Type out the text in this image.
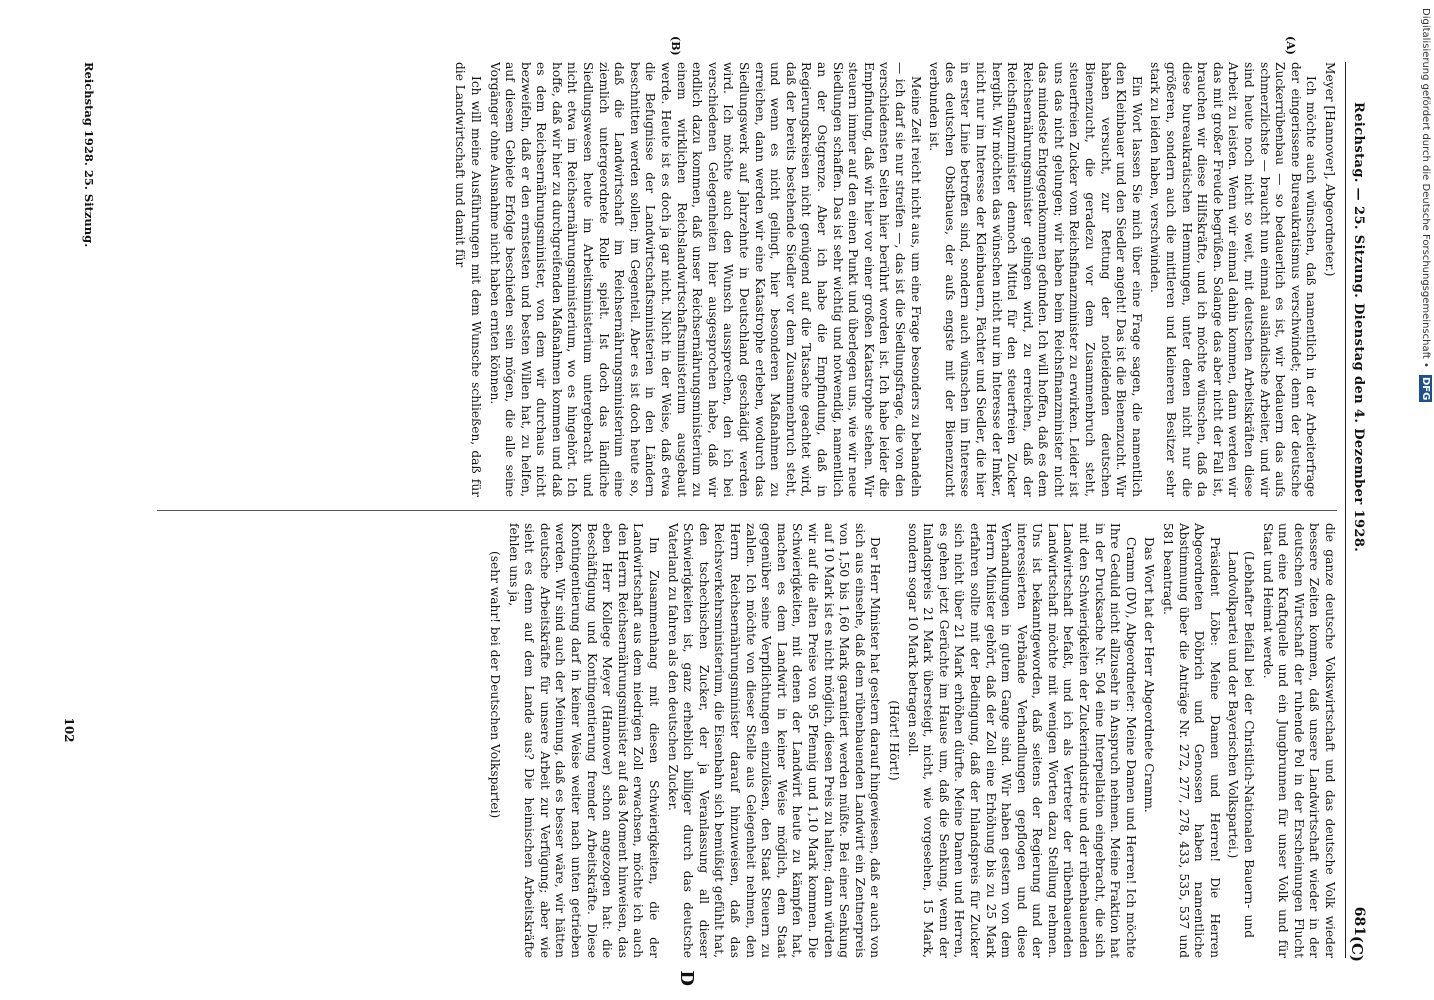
Reichstag. — 25. Sitzung. Dienstag den 4. Dezember 1928.
681
(C)

Meyer [Hannover], Abgeordneter.)

Ich möchte auch wünschen, daß namentlich in der Arbeiterfrage der eingerissene Bureaukratismus verschwindet; denn der deutsche Zuckerrübenbau — so bedauerlich es ist, wir bedauern das aufs schmerzlichste — braucht nun einmal ausländische Arbeiter, und wir sind heute noch nicht so weit, mit deutschen Arbeitskräften diese Arbeit zu leisten. Wenn wir einmal dahin kommen, dann werden wir das mit großer Freude begrüßen. Solange das aber nicht der Fall ist, brauchen wir diese Hilfskräfte, und ich möchte wünschen, daß da diese bureaukratischen Hemmungen, unter denen nicht nur die größeren, sondern auch die mittleren und kleineren Besitzer sehr stark zu leiden haben, verschwinden.

Ein Wort lassen Sie mich über eine Frage sagen, die namentlich den Kleinbauer und den Siedler angeht! Das ist die Bienenzucht. Wir haben versucht, zur Rettung der notleidenden deutschen Bienenzucht, die geradezu vor dem Zusammenbruch steht, steuerfreien Zucker vom Reichsfinanzminister zu erwirken. Leider ist uns das nicht gelungen; wir haben beim Reichsfinanzminister nicht das mindeste Entgegenkommen gefunden. Ich will hoffen, daß es dem Reichsernährungsminister gelingen wird, zu erreichen, daß der Reichsfinanzminister dennoch Mittel für den steuerfreien Zucker hergibt. Wir möchten das wünschen nicht nur im Interesse der Imker, nicht nur im Interesse der Kleinbauern, Pächter und Siedler, die hier in erster Linie betroffen sind, sondern auch wünschen im Interesse des deutschen Obstbaues, der aufs engste mit der Bienenzucht verbunden ist.

Meine Zeit reicht nicht aus, um eine Frage besonders zu behandeln — ich darf sie nur streifen —, das ist die Siedlungsfrage, die von den verschiedensten Seiten hier berührt worden ist. Ich habe leider die Empfindung, daß wir hier vor einer großen Katastrophe stehen. Wir steuern immer auf den einen Punkt und überlegen uns, wie wir neue Siedlungen schaffen. Das ist sehr wichtig und notwendig, namentlich an der Ostgrenze. Aber ich habe die Empfindung, daß in Regierungskreisen nicht genügend auf die Tatsache geachtet wird, daß der bereits bestehende Siedler vor dem Zusammenbruch steht, und wenn es nicht gelingt, hier besonderen Maßnahmen zu erreichen, dann werden wir eine Katastrophe erleben, wodurch das Siedlungswerk auf Jahrzehnte in Deutschland geschädigt werden wird. Ich möchte auch den Wunsch aussprechen, den ich bei verschiedenen Gelegenheiten hier ausgesprochen habe, daß wir endlich dazu kommen, daß unser Reichsernährungsministerium zu einem wirklichen Reichslandwirtschaftsministerium ausgebaut werde. Heute ist es doch ja gar nicht. Nicht in der Weise, daß etwa die Befugnisse der Landwirtschaftsministerien in den Ländern beschnitten werden sollen; im Gegenteil. Aber es ist doch heute so, daß die Landwirtschaft im Reichsernährungsministerium eine ziemlich untergeordnete Rolle spielt. Ist doch das ländliche Siedlungswesen heute im Arbeitsministerium untergebracht und nicht etwa im Reichsernährungsministerium, wo es hingehört. Ich hoffe, daß wir hier zu durchgreifenden Maßnahmen kommen und daß es dem Reichsernährungsminister, von dem wir durchaus nicht bezweifeln, daß er den ernstesten und besten Willen hat, zu helfen, auf diesem Gebiete Erfolge beschieden sein mögen, die alle seine Vorgänger ohne Ausnahme nicht haben ernten können.

Ich will meine Ausführungen mit dem Wunsche schließen, daß für die Landwirtschaft und damit für

die ganze deutsche Volkswirtschaft und das deutsche Volk wieder bessere Zeiten kommen, daß unsere Landwirtschaft wieder in der deutschen Wirtschaft der ruhende Pol in der Erscheinungen Flucht und eine Kraftquelle und ein Jungbrunnen für unser Volk und für Staat und Heimat werde.

(Lebhafter Beifall bei der Christlich-Nationalen Bauern- und Landvolkpartei und der Bayerischen Volkspartei.)

Präsident Löbe: Meine Damen und Herren! Die Herren Abgeordneten Döbrich und Genossen haben namentliche Abstimmung über die Anträge Nr. 272, 277, 278, 433, 535, 537 und 581 beantragt.

Das Wort hat der Herr Abgeordnete Cramm.

Cramm (DV), Abgeordneter: Meine Damen und Herren! Ich möchte Ihre Geduld nicht allzusehr in Anspruch nehmen. Meine Fraktion hat in der Drucksache Nr. 504 eine Interpellation eingebracht, die sich mit den Schwierigkeiten der Zuckerindustrie und der rübenbauenden Landwirtschaft befaßt, und ich als Vertreter der rübenbauenden Landwirtschaft möchte mit wenigen Worten dazu Stellung nehmen. Uns ist bekanntgeworden, daß seitens der Regierung und der interessierten Verbände Verhandlungen gepflogen und diese Verhandlungen in gutem Gange sind. Wir haben gestern von dem Herrn Minister gehört, daß der Zoll eine Erhöhung bis zu 25 Mark erfahren sollte mit der Bedingung, daß der Inlandspreis für Zucker sich nicht über 21 Mark erhöhen dürfte. Meine Damen und Herren, es gehen jetzt Gerüchte im Hause um, daß die Senkung, wenn der Inlandspreis 21 Mark übersteigt, nicht, wie vorgesehen, 15 Mark, sondern sogar 10 Mark betragen soll.

(Hört! Hört!)

Der Herr Minister hat gestern darauf hingewiesen, daß er auch von sich aus einsehe, daß dem rübenbauenden Landwirt ein Zentnerpreis von 1,50 bis 1,60 Mark garantiert werden müßte. Bei einer Senkung auf 10 Mark ist es nicht möglich, diesen Preis zu halten; dann würden wir auf die alten Preise von 95 Pfennig und 1,10 Mark kommen. Die Schwierigkeiten, mit denen der Landwirt heute zu kämpfen hat, machen es dem Landwirt in keiner Weise möglich, dem Staat gegenüber seine Verpflichtungen einzulösen, den Staat Steuern zu zahlen. Ich möchte von dieser Stelle aus Gelegenheit nehmen, den Herrn Reichsernährungsminister darauf hinzuweisen, daß das Reichsverkehrsministerium, die Eisenbahn sich bemüßigt gefühlt hat, den tschechischen Zucker, der ja Veranlassung all dieser Schwierigkeiten ist, ganz erheblich billiger durch das deutsche Vaterland zu fahren als den deutschen Zucker.

Im Zusammenhang mit diesen Schwierigkeiten, die der Landwirtschaft aus dem niedrigen Zoll erwachsen, möchte ich auch den Herrn Reichsernährungsminister auf das Moment hinweisen, das eben Herr Kollege Meyer (Hannover) schon angezogen hat: die Beschäftigung und Kontingentierung fremder Arbeitskräfte. Diese Kontingentierung darf in keiner Weise weiter nach unten getrieben werden. Wir sind auch der Meinung, daß es besser wäre, wir hätten deutsche Arbeitskräfte für unsere Arbeit zur Verfügung; aber wie sieht es denn auf dem Lande aus? Die heimischen Arbeitskräfte fehlen uns ja,

(sehr wahr! bei der Deutschen Volkspartei)

(A)
(B)
D
Reichstag 1928. 25. Sitzung.
102
Digitalisierung gefördert durch die Deutsche Forschungsgemeinschaft • DFG
